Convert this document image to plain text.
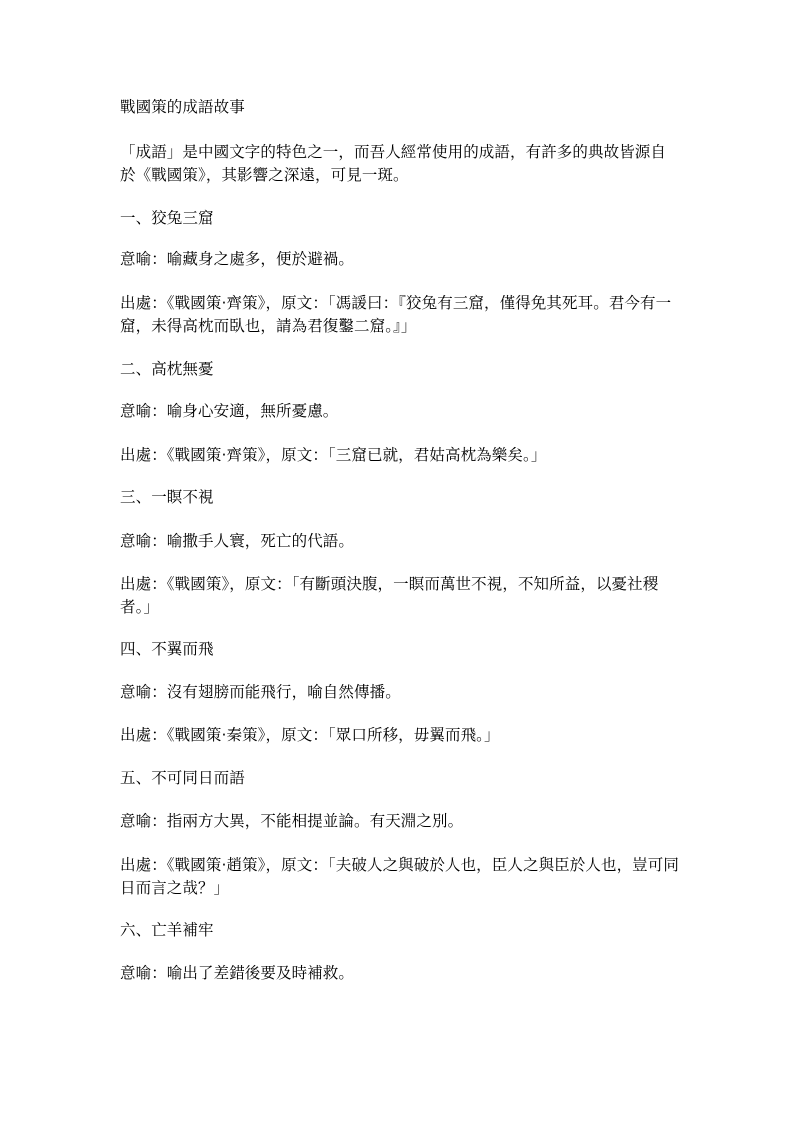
戰國策的成語故事

「成語」是中國文字的特色之一，而吾人經常使用的成語，有許多的典故皆源自於《戰國策》，其影響之深遠，可見一斑。

一、狡兔三窟

意喻：喻藏身之處多，便於避禍。

出處：《戰國策‧齊策》，原文：「馮諼曰：『狡兔有三窟，僅得免其死耳。君今有一窟，未得高枕而臥也，請為君復鑿二窟。』」

二、高枕無憂

意喻：喻身心安適，無所憂慮。

出處：《戰國策‧齊策》，原文：「三窟已就，君姑高枕為樂矣。」

三、一瞑不視

意喻：喻撒手人寰，死亡的代語。

出處：《戰國策》，原文：「有斷頭決腹，一瞑而萬世不視，不知所益，以憂社稷者。」

四、不翼而飛

意喻：沒有翅膀而能飛行，喻自然傳播。

出處：《戰國策‧秦策》，原文：「眾口所移，毋翼而飛。」

五、不可同日而語

意喻：指兩方大異，不能相提並論。有天淵之別。

出處：《戰國策‧趙策》，原文：「夫破人之與破於人也，臣人之與臣於人也，豈可同日而言之哉？」

六、亡羊補牢

意喻：喻出了差錯後要及時補救。
